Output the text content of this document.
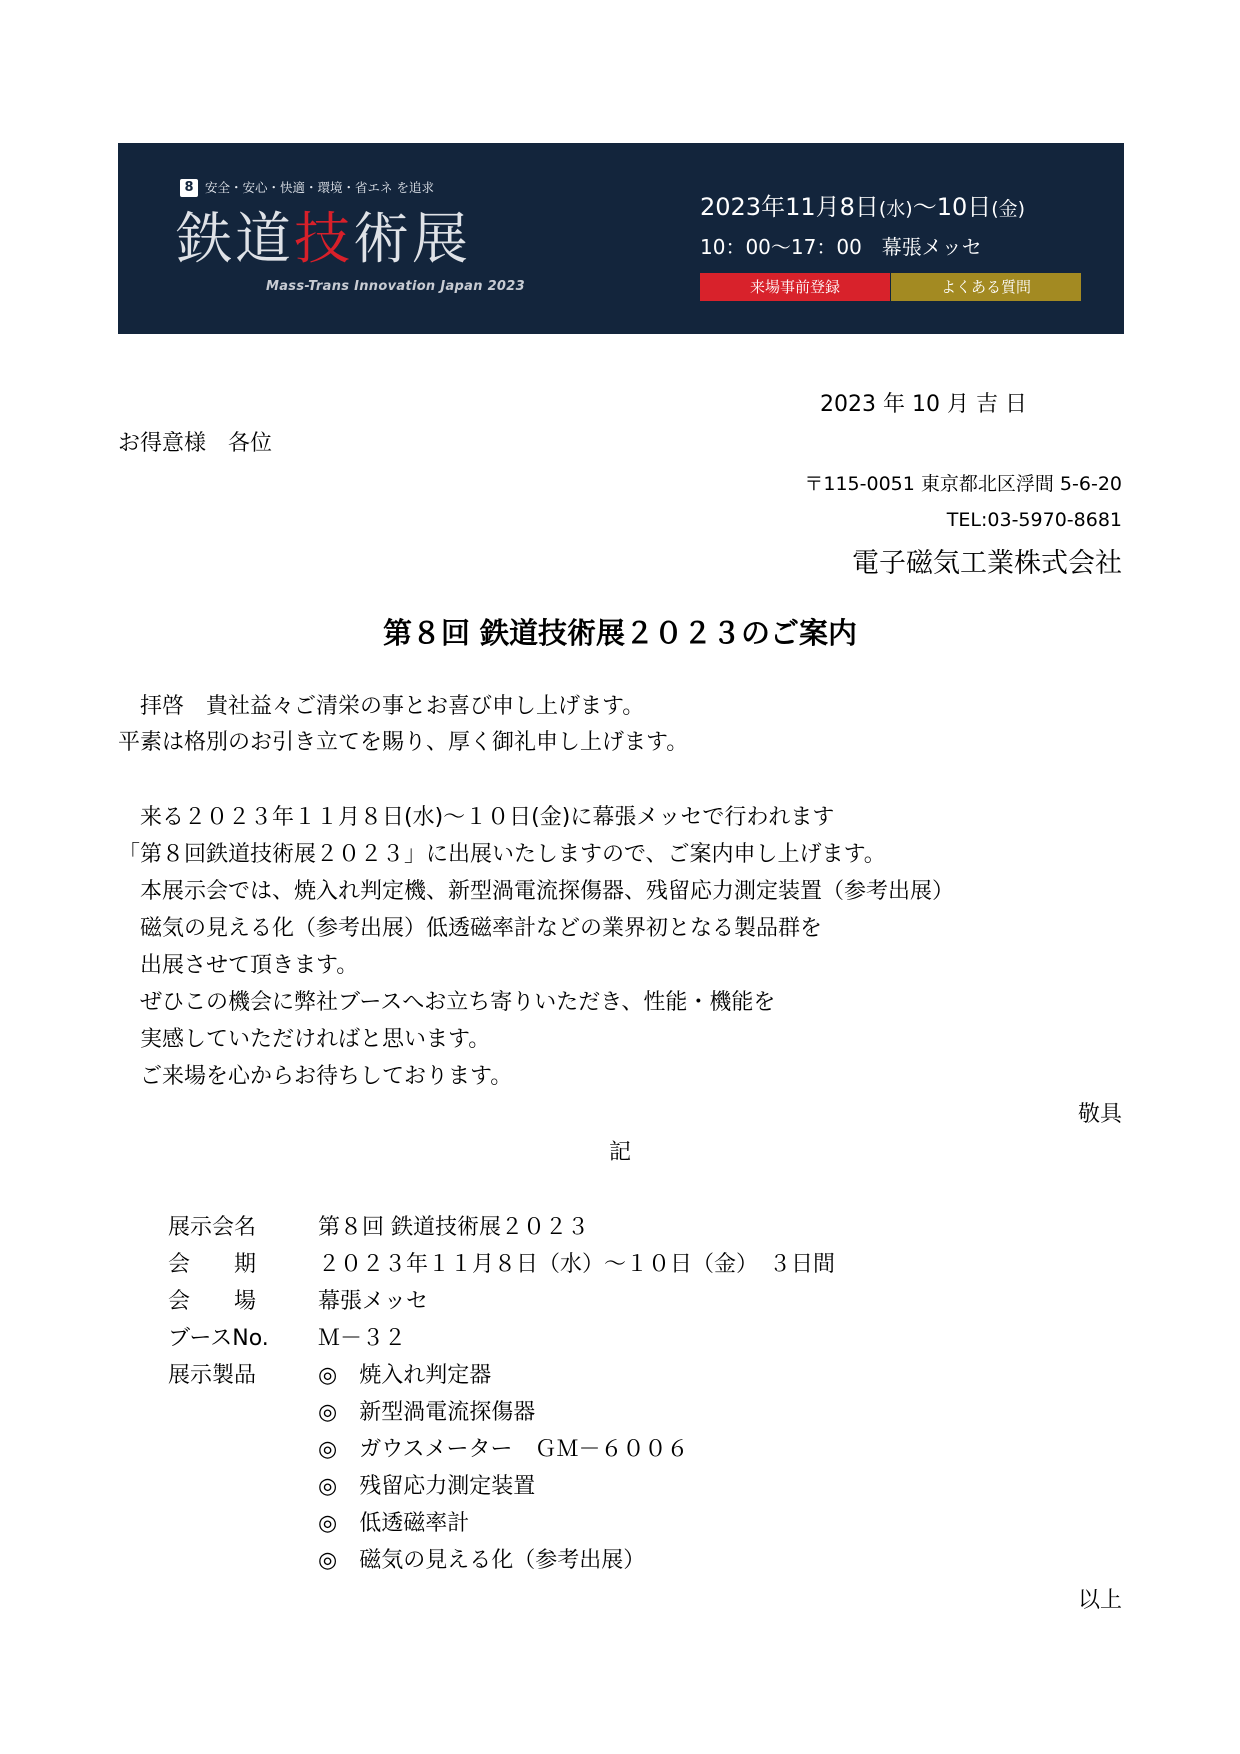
8 安全・安心・快適・環境・省エネ を追求
鉄道技術展
Mass-Trans Innovation Japan 2023
2023年11月8日(水)〜10日(金)
10：00〜17：00　幕張メッセ
来場事前登録	よくある質問
2023 年 10 月 吉 日
お得意様　各位
〒115-0051 東京都北区浮間 5-6-20
TEL:03-5970-8681
電子磁気工業株式会社
第８回 鉄道技術展２０２３のご案内
　拝啓　貴社益々ご清栄の事とお喜び申し上げます。
平素は格別のお引き立てを賜り、厚く御礼申し上げます。
　来る２０２３年１１月８日(水)～１０日(金)に幕張メッセで行われます
「第８回鉄道技術展２０２３」に出展いたしますので、ご案内申し上げます。
　本展示会では、焼入れ判定機、新型渦電流探傷器、残留応力測定装置（参考出展）
　磁気の見える化（参考出展）低透磁率計などの業界初となる製品群を
　出展させて頂きます。
　ぜひこの機会に弊社ブースへお立ち寄りいただき、性能・機能を
　実感していただければと思います。
　ご来場を心からお待ちしております。
敬具
記
展示会名	第８回 鉄道技術展２０２３
会　　期	２０２３年１１月８日（水）～１０日（金）　３日間
会　　場	幕張メッセ
ブースNo. Ｍ－３２
展示製品	◎　焼入れ判定器
◎　新型渦電流探傷器
◎　ガウスメーター　ＧＭ－６００６
◎　残留応力測定装置
◎　低透磁率計
◎　磁気の見える化（参考出展）
以上
